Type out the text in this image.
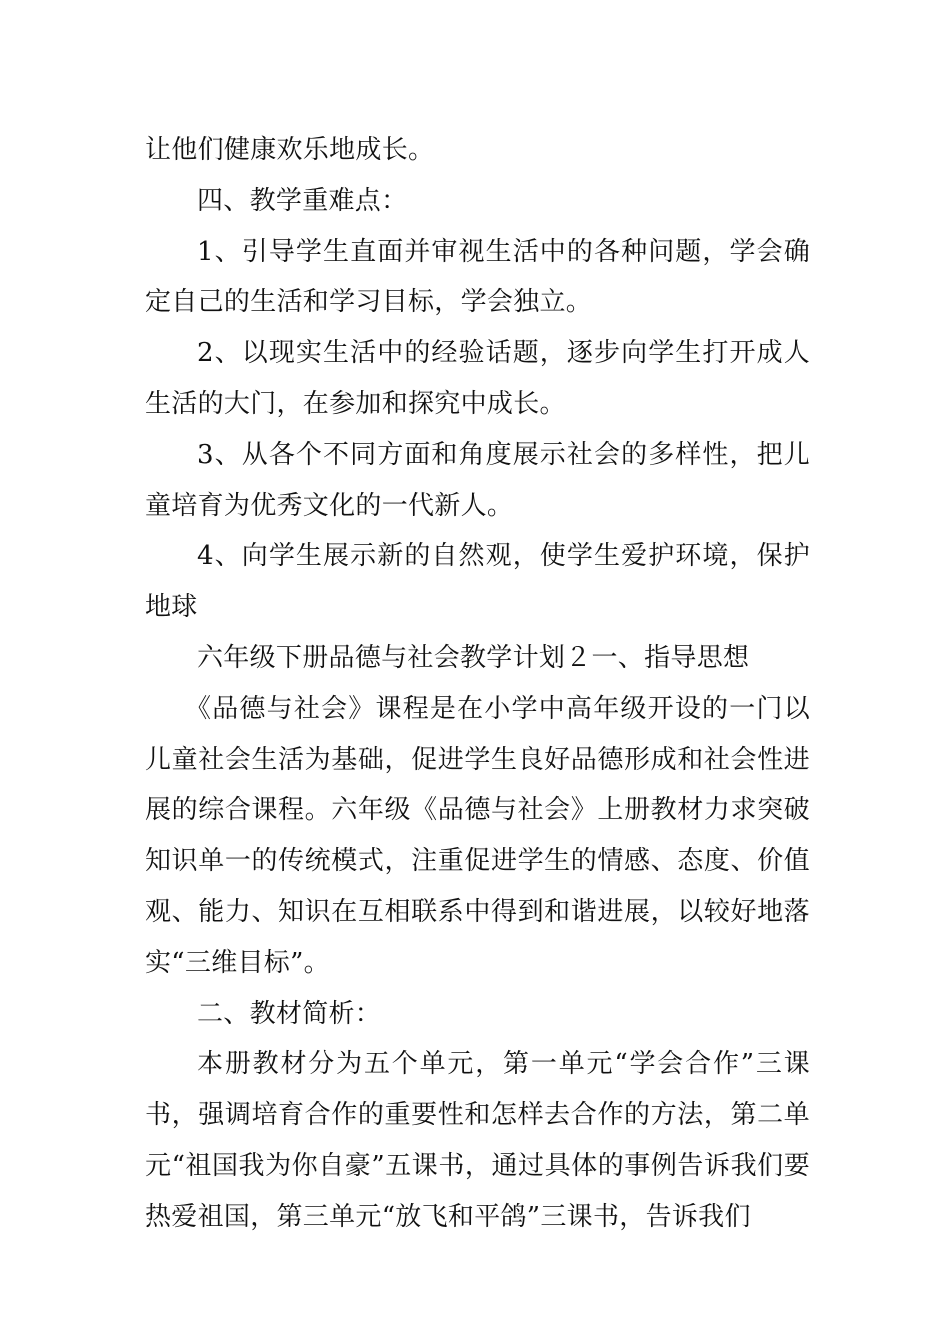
让他们健康欢乐地成长。

四、教学重难点：

1、引导学生直面并审视生活中的各种问题，学会确定自己的生活和学习目标，学会独立。

2、以现实生活中的经验话题，逐步向学生打开成人生活的大门，在参加和探究中成长。

3、从各个不同方面和角度展示社会的多样性，把儿童培育为优秀文化的一代新人。

4、向学生展示新的自然观，使学生爱护环境，保护地球

六年级下册品德与社会教学计划２一、指导思想

《品德与社会》课程是在小学中高年级开设的一门以儿童社会生活为基础，促进学生良好品德形成和社会性进展的综合课程。六年级《品德与社会》上册教材力求突破知识单一的传统模式，注重促进学生的情感、态度、价值观、能力、知识在互相联系中得到和谐进展，以较好地落实“三维目标”。

二、教材简析：

本册教材分为五个单元，第一单元“学会合作”三课书，强调培育合作的重要性和怎样去合作的方法，第二单元“祖国我为你自豪”五课书，通过具体的事例告诉我们要热爱祖国，第三单元“放飞和平鸽”三课书，告诉我们
